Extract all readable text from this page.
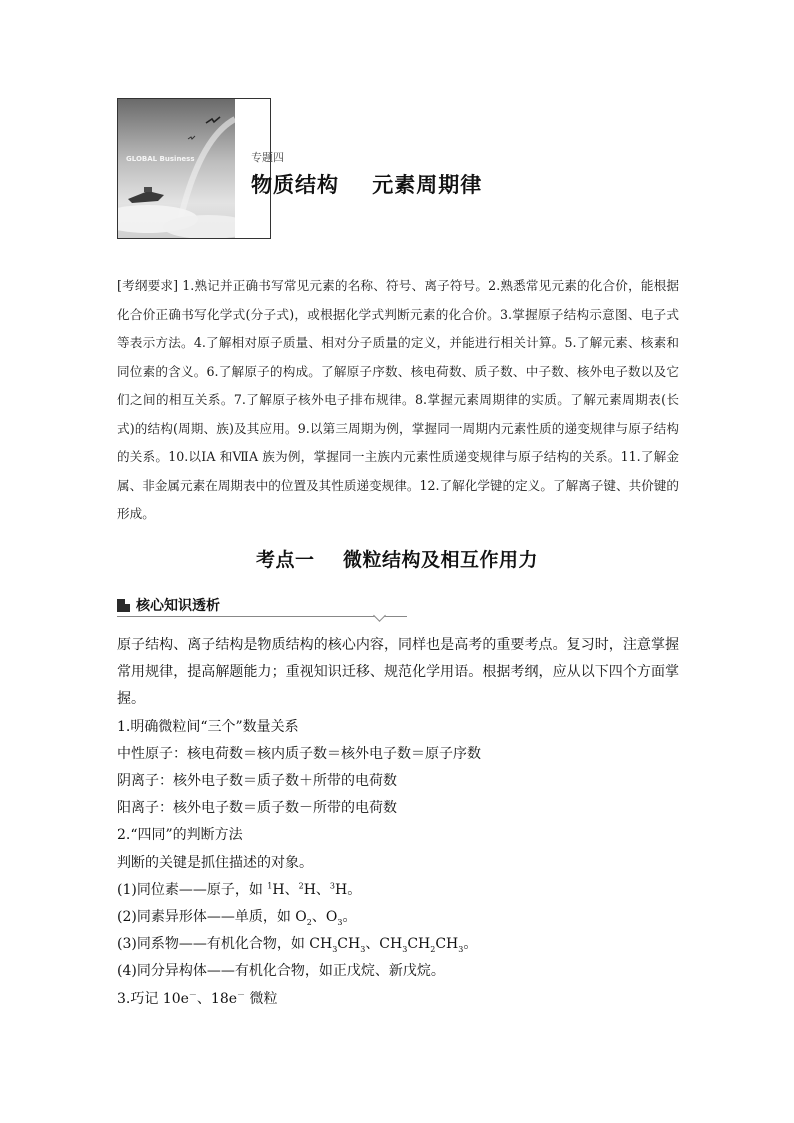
GLOBAL Business	专题四
物质结构    元素周期律

[考纲要求] 1.熟记并正确书写常见元素的名称、符号、离子符号。2.熟悉常见元素的化合价，能根据化合价正确书写化学式(分子式)，或根据化学式判断元素的化合价。3.掌握原子结构示意图、电子式等表示方法。4.了解相对原子质量、相对分子质量的定义，并能进行相关计算。5.了解元素、核素和同位素的含义。6.了解原子的构成。了解原子序数、核电荷数、质子数、中子数、核外电子数以及它们之间的相互关系。7.了解原子核外电子排布规律。8.掌握元素周期律的实质。了解元素周期表(长式)的结构(周期、族)及其应用。9.以第三周期为例，掌握同一周期内元素性质的递变规律与原子结构的关系。10.以ⅠA 和ⅦA 族为例，掌握同一主族内元素性质递变规律与原子结构的关系。11.了解金属、非金属元素在周期表中的位置及其性质递变规律。12.了解化学键的定义。了解离子键、共价键的形成。

考点一    微粒结构及相互作用力
核心知识透析

原子结构、离子结构是物质结构的核心内容，同样也是高考的重要考点。复习时，注意掌握常用规律，提高解题能力；重视知识迁移、规范化学用语。根据考纲，应从以下四个方面掌握。

1.明确微粒间“三个”数量关系

中性原子：核电荷数＝核内质子数＝核外电子数＝原子序数

阴离子：核外电子数＝质子数＋所带的电荷数

阳离子：核外电子数＝质子数－所带的电荷数

2.“四同”的判断方法

判断的关键是抓住描述的对象。

(1)同位素——原子，如 $^1$H、$^2$H、$^3$H。

(2)同素异形体——单质，如 $O_2$、$O_3$。

(3)同系物——有机化合物，如 $CH_3CH_3$、$CH_3CH_2CH_3$。

(4)同分异构体——有机化合物，如正戊烷、新戊烷。

3.巧记 10e－、18e－ 微粒
